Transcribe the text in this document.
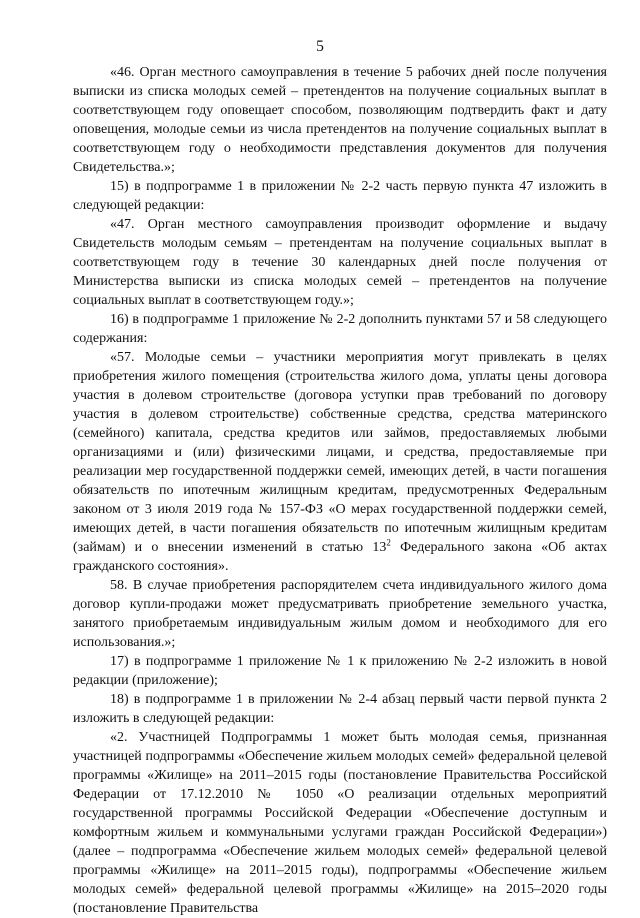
5

«46. Орган местного самоуправления в течение 5 рабочих дней после получения выписки из списка молодых семей – претендентов на получение социальных выплат в соответствующем году оповещает способом, позволяющим подтвердить факт и дату оповещения, молодые семьи из числа претендентов на получение социальных выплат в соответствующем году о необходимости представления документов для получения Свидетельства.»;

15) в подпрограмме 1 в приложении № 2-2 часть первую пункта 47 изложить в следующей редакции:

«47. Орган местного самоуправления производит оформление и выдачу Свидетельств молодым семьям – претендентам на получение социальных выплат в соответствующем году в течение 30 календарных дней после получения от Министерства выписки из списка молодых семей – претендентов на получение социальных выплат в соответствующем году.»;

16) в подпрограмме 1 приложение № 2-2 дополнить пунктами 57 и 58 следующего содержания:

«57. Молодые семьи – участники мероприятия могут привлекать в целях приобретения жилого помещения (строительства жилого дома, уплаты цены договора участия в долевом строительстве (договора уступки прав требований по договору участия в долевом строительстве) собственные средства, средства материнского (семейного) капитала, средства кредитов или займов, предоставляемых любыми организациями и (или) физическими лицами, и средства, предоставляемые при реализации мер государственной поддержки семей, имеющих детей, в части погашения обязательств по ипотечным жилищным кредитам, предусмотренных Федеральным законом от 3 июля 2019 года № 157-ФЗ «О мерах государственной поддержки семей, имеющих детей, в части погашения обязательств по ипотечным жилищным кредитам (займам) и о внесении изменений в статью $13^2$ Федерального закона «Об актах гражданского состояния».

58. В случае приобретения распорядителем счета индивидуального жилого дома договор купли-продажи может предусматривать приобретение земельного участка, занятого приобретаемым индивидуальным жилым домом и необходимого для его использования.»;

17) в подпрограмме 1 приложение № 1 к приложению № 2-2 изложить в новой редакции (приложение);

18) в подпрограмме 1 в приложении № 2-4 абзац первый части первой пункта 2 изложить в следующей редакции:

«2. Участницей Подпрограммы 1 может быть молодая семья, признанная участницей подпрограммы «Обеспечение жильем молодых семей» федеральной целевой программы «Жилище» на 2011–2015 годы (постановление Правительства Российской Федерации от 17.12.2010 № 1050 «О реализации отдельных мероприятий государственной программы Российской Федерации «Обеспечение доступным и комфортным жильем и коммунальными услугами граждан Российской Федерации») (далее – подпрограмма «Обеспечение жильем молодых семей» федеральной целевой программы «Жилище» на 2011–2015 годы), подпрограммы «Обеспечение жильем молодых семей» федеральной целевой программы «Жилище» на 2015–2020 годы (постановление Правительства
